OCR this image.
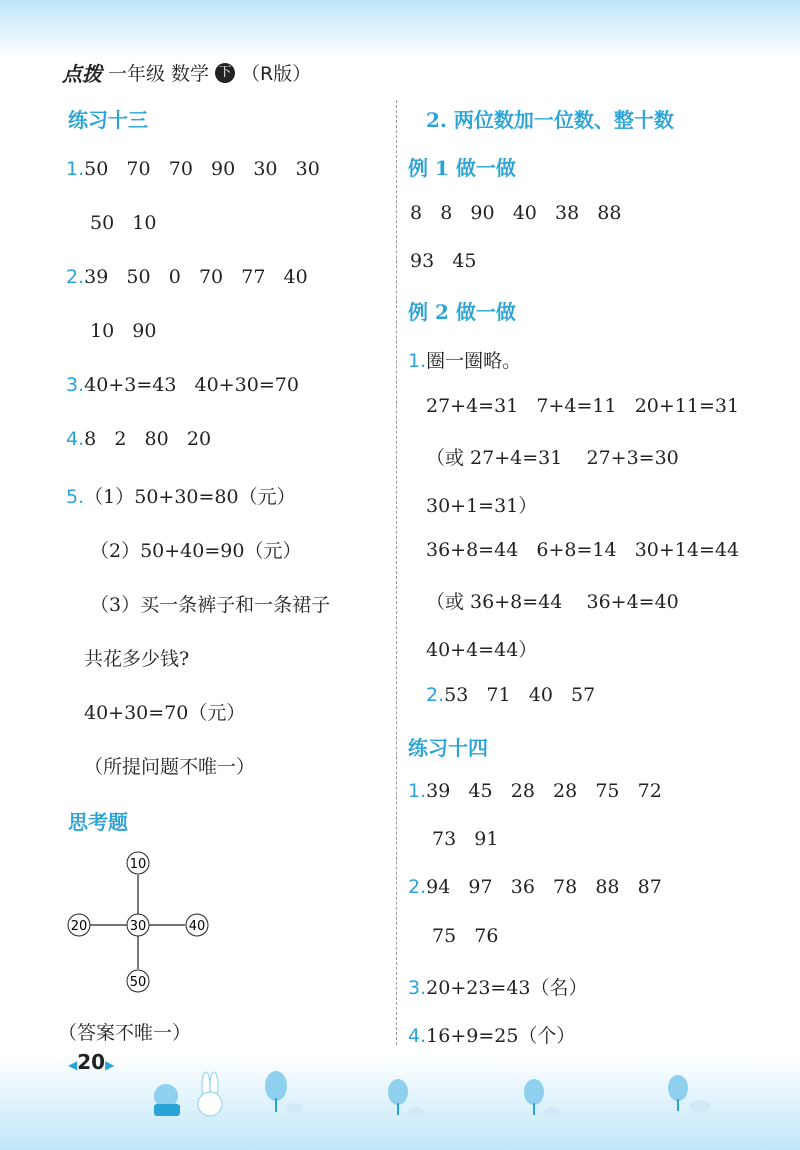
点拨 一年级 数学 下 （R版）
练习十三
1.50   70   70   90   30   30
50   10
2.39   50   0   70   77   40
10   90
3.40+3=43   40+30=70
4.8   2   80   20
5.（1）50+30=80（元）
（2）50+40=90（元）
（3）买一条裤子和一条裙子
共花多少钱?
40+30=70（元）
（所提问题不唯一）
思考题
10
20	30	40
50
（答案不唯一）
◀20▶
2. 两位数加一位数、整十数
例 1 做一做
8   8   90   40   38   88
93   45
例 2 做一做
1.圈一圈略。
27+4=31   7+4=11   20+11=31
（或 27+4=31    27+3=30
30+1=31）
36+8=44   6+8=14   30+14=44
（或 36+8=44    36+4=40
40+4=44）
2.53   71   40   57
练习十四
1.39   45   28   28   75   72
73   91
2.94   97   36   78   88   87
75   76
3.20+23=43（名）
4.16+9=25（个）
